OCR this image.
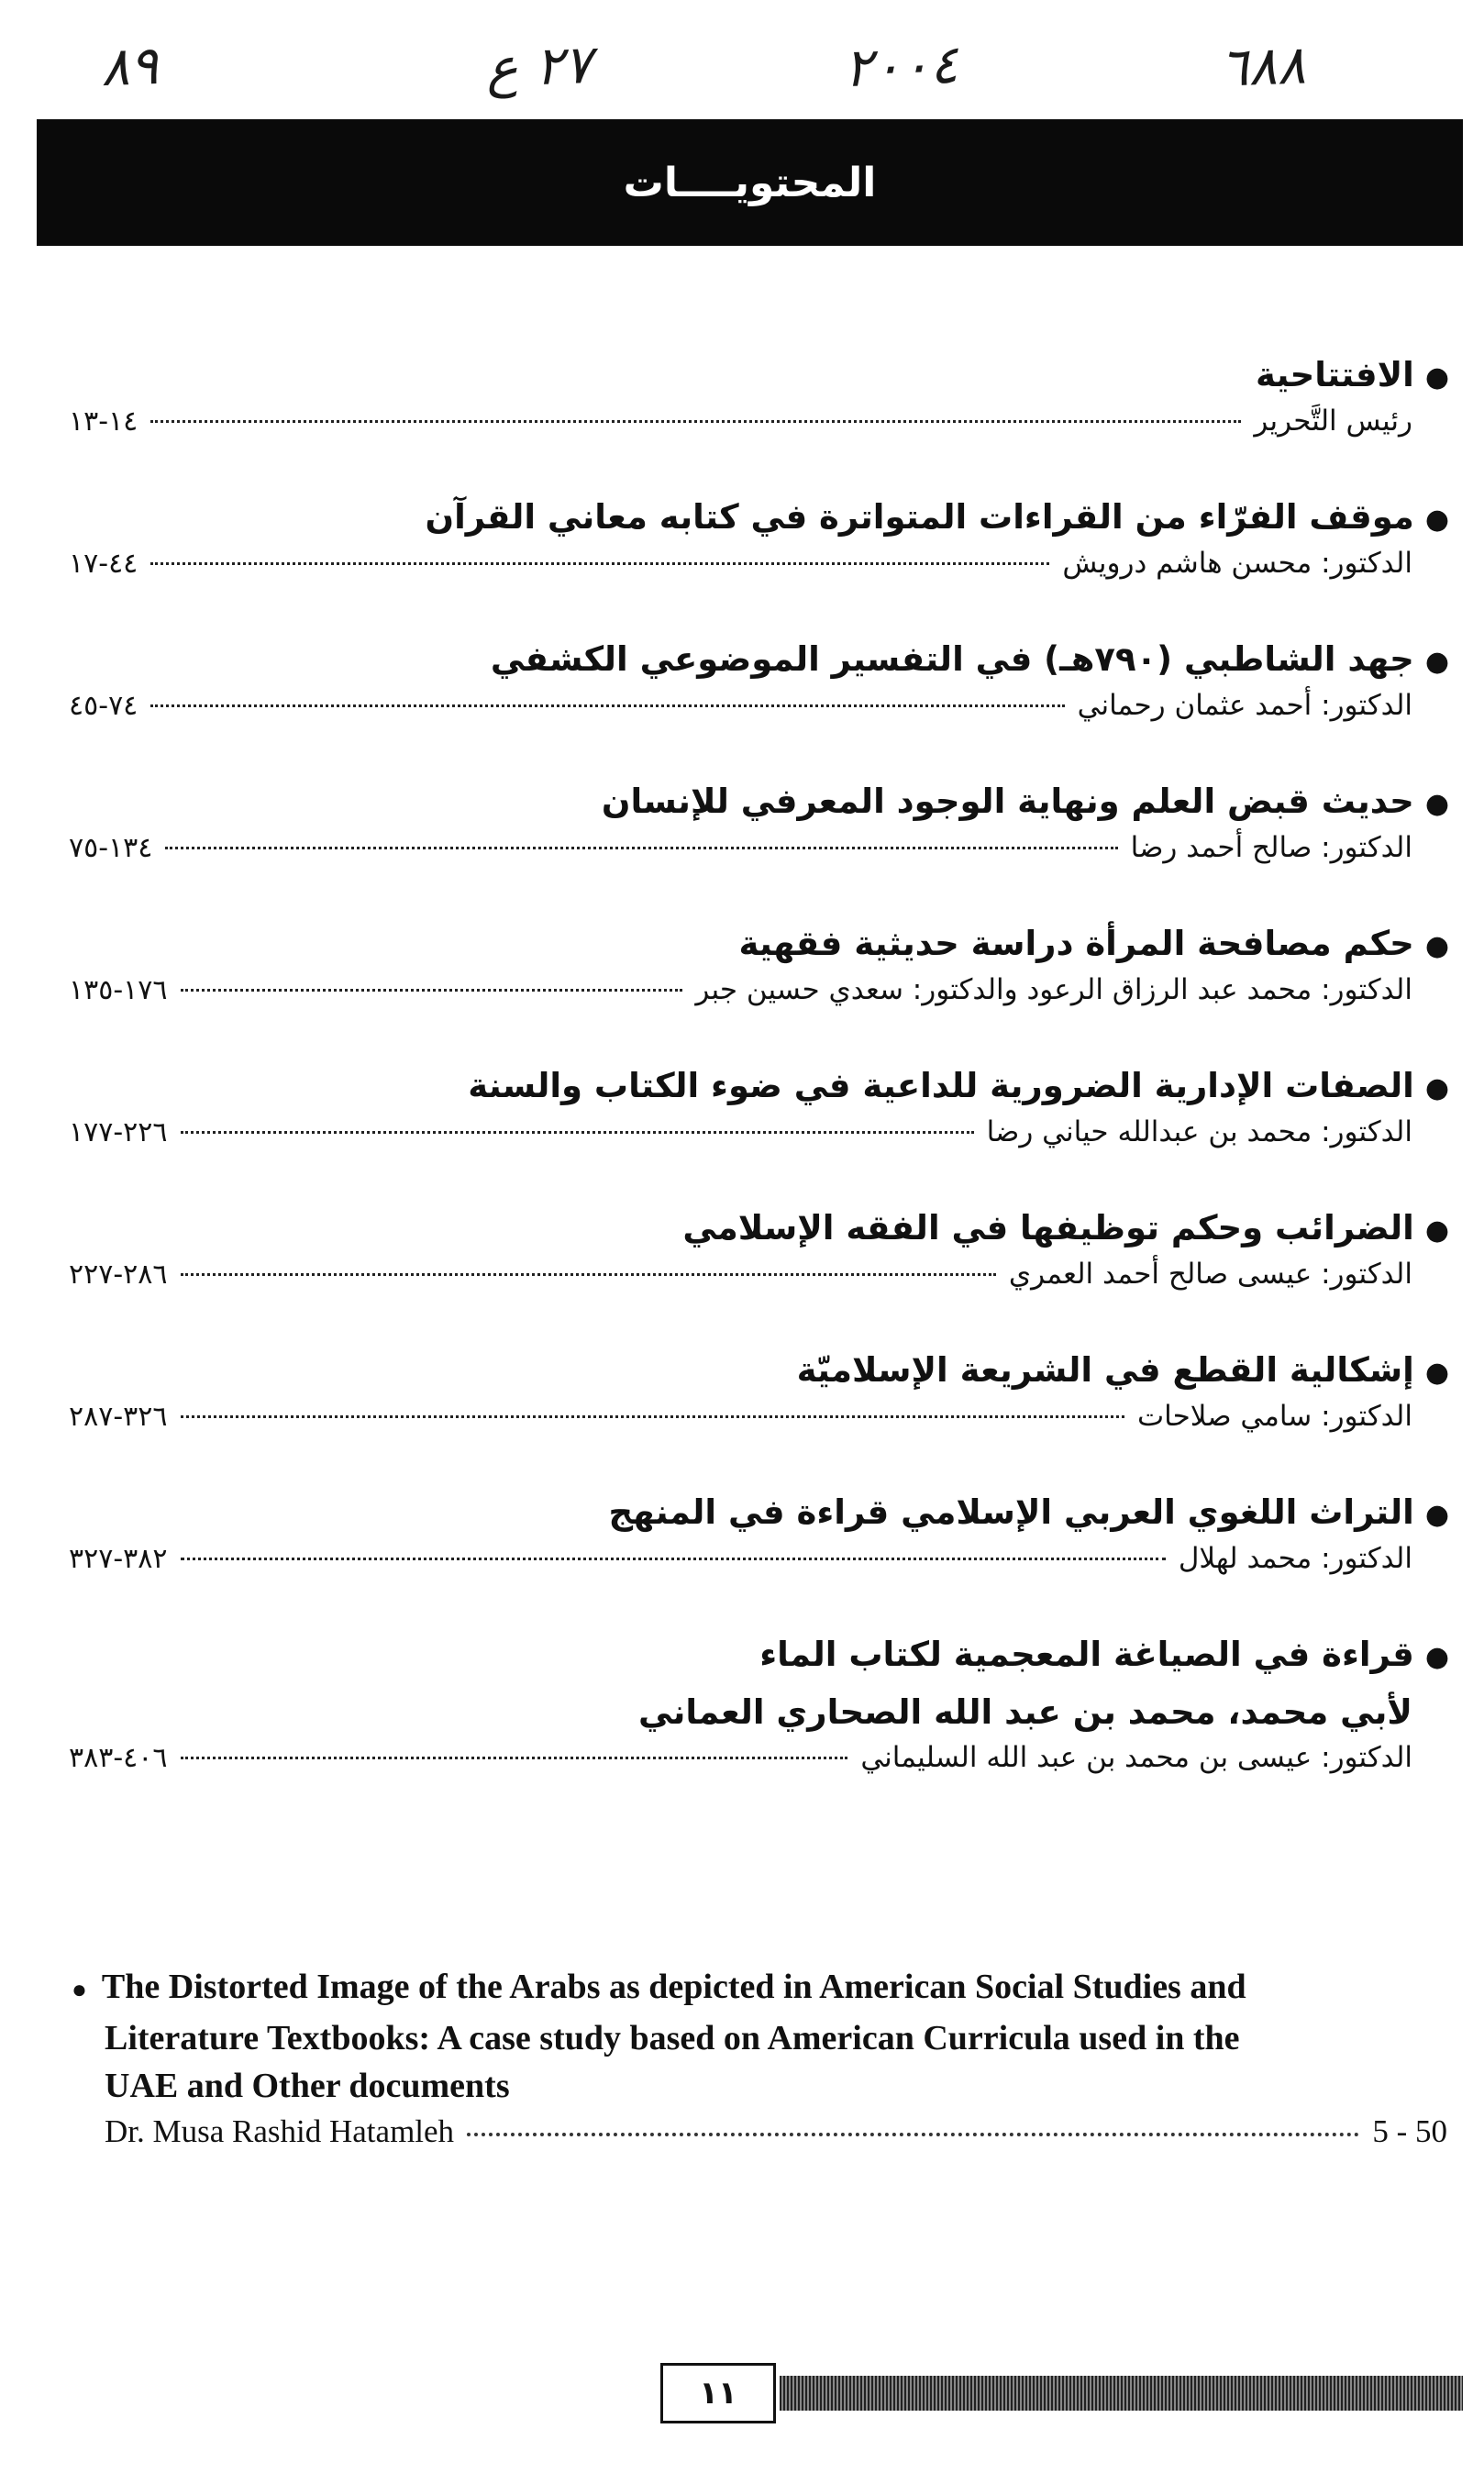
٨٩	٢٧ ع	٢٠٠٤	٦٨٨
المحتويــــات
●الافتتاحية
١٤-١٣	رئيس التَّحرير
●موقف الفرّاء من القراءات المتواترة في كتابه معاني القرآن
٤٤-١٧	الدكتور: محسن هاشم درويش
●جهد الشاطبي (٧٩٠هـ) في التفسير الموضوعي الكشفي
٧٤-٤٥	الدكتور: أحمد عثمان رحماني
●حديث قبض العلم ونهاية الوجود المعرفي للإنسان
١٣٤-٧٥	الدكتور: صالح أحمد رضا
●حكم مصافحة المرأة دراسة حديثية فقهية
١٧٦-١٣٥	الدكتور: محمد عبد الرزاق الرعود والدكتور: سعدي حسين جبر
●الصفات الإدارية الضرورية للداعية في ضوء الكتاب والسنة
٢٢٦-١٧٧	الدكتور: محمد بن عبدالله حياني رضا
●الضرائب وحكم توظيفها في الفقه الإسلامي
٢٨٦-٢٢٧	الدكتور: عيسى صالح أحمد العمري
●إشكالية القطع في الشريعة الإسلاميّة
٣٢٦-٢٨٧	الدكتور: سامي صلاحات
●التراث اللغوي العربي الإسلامي قراءة في المنهج
٣٨٢-٣٢٧	الدكتور: محمد لهلال
●قراءة في الصياغة المعجمية لكتاب الماء
لأبي محمد، محمد بن عبد الله الصحاري العماني
٤٠٦-٣٨٣	الدكتور: عيسى بن محمد بن عبد الله السليماني
● The Distorted Image of the Arabs as depicted in American Social Studies and
Literature Textbooks: A case study based on American Curricula used in the
UAE and Other documents
Dr. Musa Rashid Hatamleh	5 - 50
١١
